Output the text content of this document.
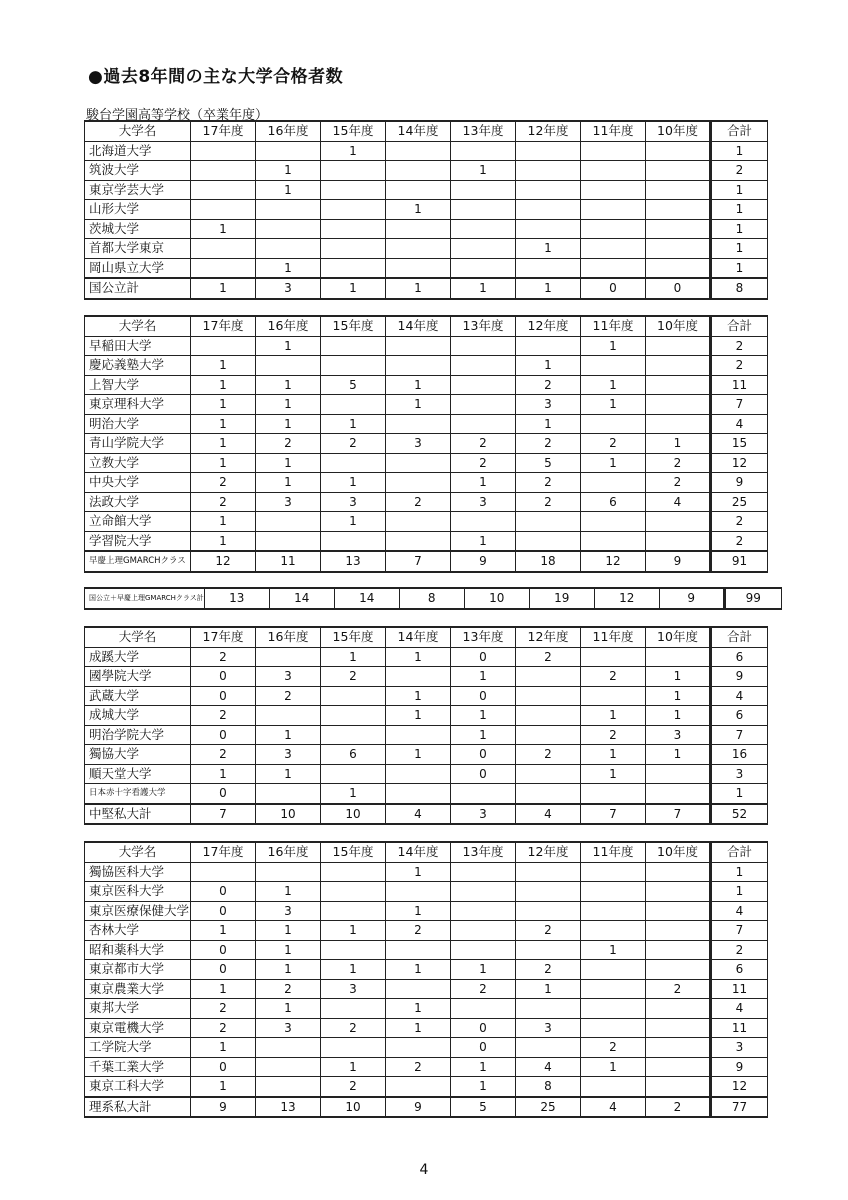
●過去8年間の主な大学合格者数
駿台学園高等学校（卒業年度）
大学名	17年度	16年度	15年度	14年度	13年度	12年度	11年度	10年度	合計
北海道大学			1						1
筑波大学		1			1				2
東京学芸大学		1							1
山形大学				1					1
茨城大学	1								1
首都大学東京						1			1
岡山県立大学		1							1
国公立計	1	3	1	1	1	1	0	0	8
大学名	17年度	16年度	15年度	14年度	13年度	12年度	11年度	10年度	合計
早稲田大学		1					1		2
慶応義塾大学	1					1			2
上智大学	1	1	5	1		2	1		11
東京理科大学	1	1		1		3	1		7
明治大学	1	1	1			1			4
青山学院大学	1	2	2	3	2	2	2	1	15
立教大学	1	1			2	5	1	2	12
中央大学	2	1	1		1	2		2	9
法政大学	2	3	3	2	3	2	6	4	25
立命館大学	1		1						2
学習院大学	1				1				2
早慶上理GMARCHクラス	12	11	13	7	9	18	12	9	91
国公立＋早慶上理GMARCHクラス計	13	14	14	8	10	19	12	9	99
大学名	17年度	16年度	15年度	14年度	13年度	12年度	11年度	10年度	合計
成蹊大学	2		1	1	0	2			6
國學院大学	0	3	2		1		2	1	9
武蔵大学	0	2		1	0			1	4
成城大学	2			1	1		1	1	6
明治学院大学	0	1			1		2	3	7
獨協大学	2	3	6	1	0	2	1	1	16
順天堂大学	1	1			0		1		3
日本赤十字看護大学	0		1						1
中堅私大計	7	10	10	4	3	4	7	7	52
大学名	17年度	16年度	15年度	14年度	13年度	12年度	11年度	10年度	合計
獨協医科大学				1					1
東京医科大学	0	1							1
東京医療保健大学	0	3		1					4
杏林大学	1	1	1	2		2			7
昭和薬科大学	0	1					1		2
東京都市大学	0	1	1	1	1	2			6
東京農業大学	1	2	3		2	1		2	11
東邦大学	2	1		1					4
東京電機大学	2	3	2	1	0	3			11
工学院大学	1				0		2		3
千葉工業大学	0		1	2	1	4	1		9
東京工科大学	1		2		1	8			12
理系私大計	9	13	10	9	5	25	4	2	77
4
